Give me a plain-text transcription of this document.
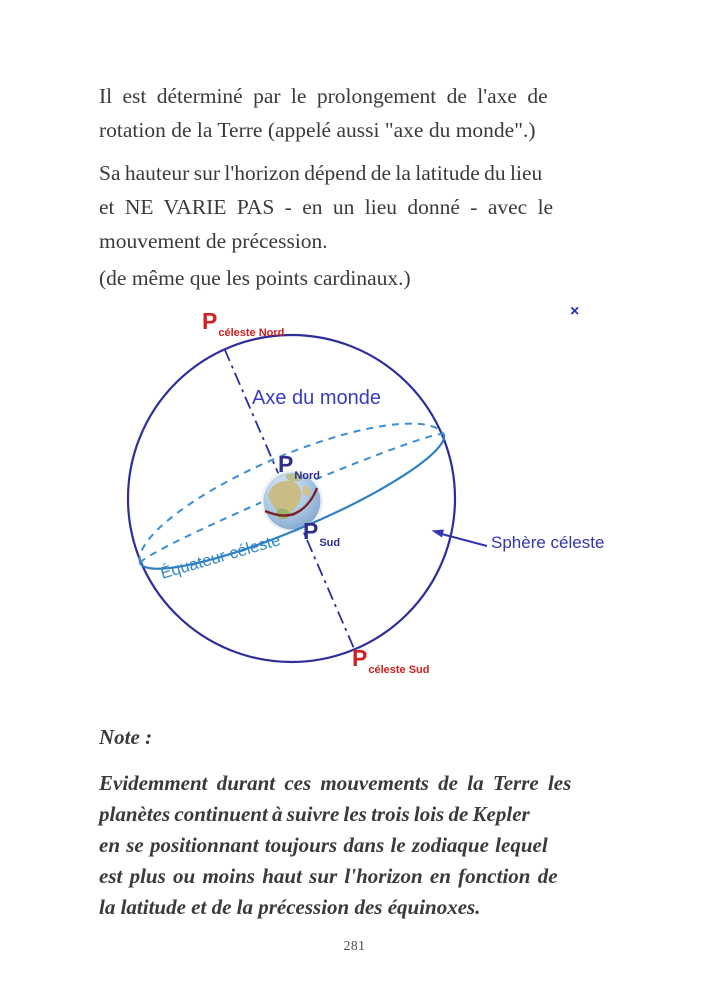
Il est déterminé par le prolongement de l'axe de
rotation de la Terre (appelé aussi "axe du monde".)
Sa hauteur sur l'horizon dépend de la latitude du lieu
et NE VARIE PAS - en un lieu donné - avec le
mouvement de précession.
(de même que les points cardinaux.)
$P_{céleste Nord}$
×
Axe du monde
$P_{Nord}$
$P_{Sud}$
Équateur céleste	Sphère céleste
$P_{céleste Sud}$
Note :
Evidemment durant ces mouvements de la Terre les
planètes continuent à suivre les trois lois de Kepler
en se positionnant toujours dans le zodiaque lequel
est plus ou moins haut sur l'horizon en fonction de
la latitude et de la précession des équinoxes.
281
